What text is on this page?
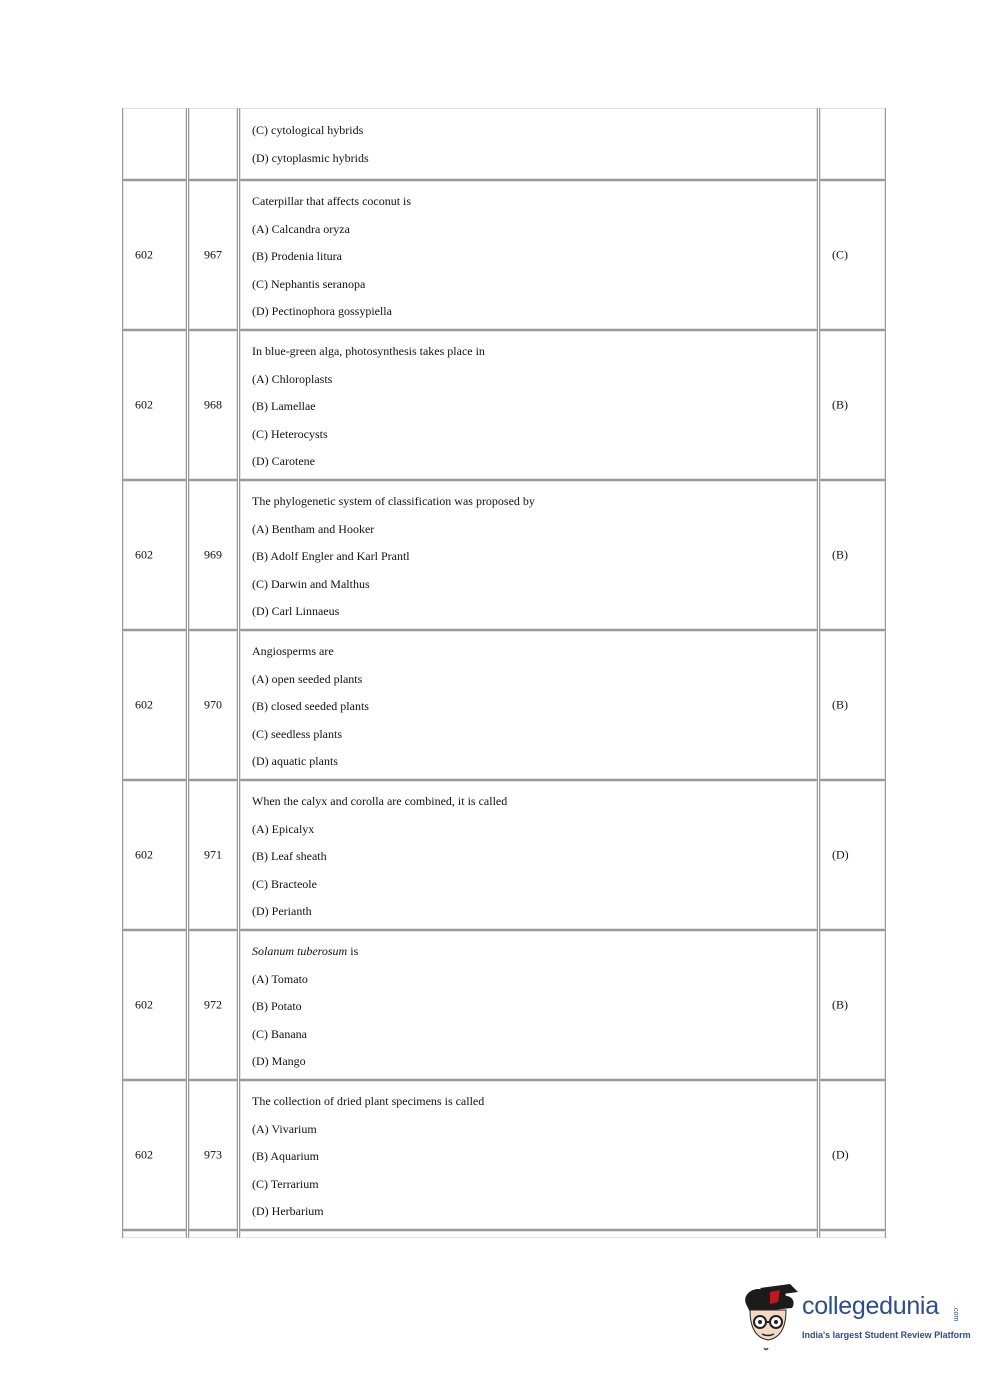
(C) cytological hybrids
(D) cytoplasmic hybrids
602	967
Caterpillar that affects coconut is
(A) Calcandra oryza
(B) Prodenia litura
(C) Nephantis seranopa
(D) Pectinophora gossypiella
(C)
602	968
In blue-green alga, photosynthesis takes place in
(A) Chloroplasts
(B) Lamellae
(C) Heterocysts
(D) Carotene
(B)
602	969
The phylogenetic system of classification was proposed by
(A) Bentham and Hooker
(B) Adolf Engler and Karl Prantl
(C) Darwin and Malthus
(D) Carl Linnaeus
(B)
602	970
Angiosperms are
(A) open seeded plants
(B) closed seeded plants
(C) seedless plants
(D) aquatic plants
(B)
602	971
When the calyx and corolla are combined, it is called
(A) Epicalyx
(B) Leaf sheath
(C) Bracteole
(D) Perianth
(D)
602	972
Solanum tuberosum is
(A) Tomato
(B) Potato
(C) Banana
(D) Mango
(B)
602	973
The collection of dried plant specimens is called
(A) Vivarium
(B) Aquarium
(C) Terrarium
(D) Herbarium
(D)
collegedunia .com
India's largest Student Review Platform
